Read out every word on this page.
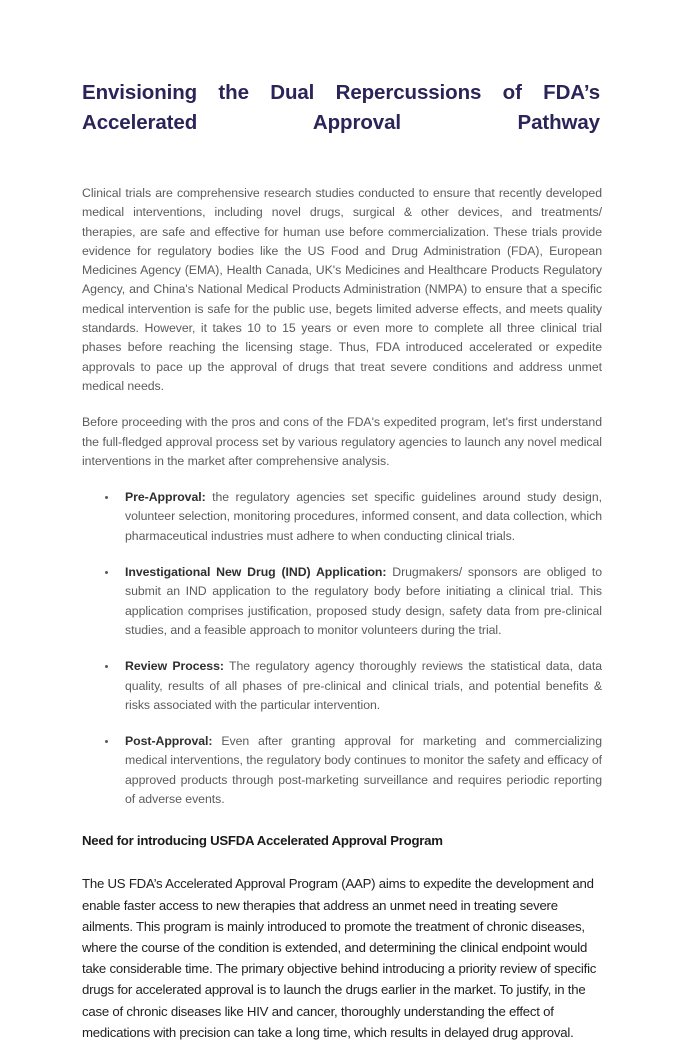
Envisioning the Dual Repercussions of FDA’s Accelerated Approval Pathway

Clinical trials are comprehensive research studies conducted to ensure that recently developed medical interventions, including novel drugs, surgical & other devices, and treatments/ therapies, are safe and effective for human use before commercialization. These trials provide evidence for regulatory bodies like the US Food and Drug Administration (FDA), European Medicines Agency (EMA), Health Canada, UK's Medicines and Healthcare Products Regulatory Agency, and China's National Medical Products Administration (NMPA) to ensure that a specific medical intervention is safe for the public use, begets limited adverse effects, and meets quality standards. However, it takes 10 to 15 years or even more to complete all three clinical trial phases before reaching the licensing stage. Thus, FDA introduced accelerated or expedite approvals to pace up the approval of drugs that treat severe conditions and address unmet medical needs.

Before proceeding with the pros and cons of the FDA's expedited program, let's first understand the full-fledged approval process set by various regulatory agencies to launch any novel medical interventions in the market after comprehensive analysis.

Pre-Approval: the regulatory agencies set specific guidelines around study design, volunteer selection, monitoring procedures, informed consent, and data collection, which pharmaceutical industries must adhere to when conducting clinical trials.
Investigational New Drug (IND) Application: Drugmakers/ sponsors are obliged to submit an IND application to the regulatory body before initiating a clinical trial. This application comprises justification, proposed study design, safety data from pre-clinical studies, and a feasible approach to monitor volunteers during the trial.
Review Process: The regulatory agency thoroughly reviews the statistical data, data quality, results of all phases of pre-clinical and clinical trials, and potential benefits & risks associated with the particular intervention.
Post-Approval: Even after granting approval for marketing and commercializing medical interventions, the regulatory body continues to monitor the safety and efficacy of approved products through post-marketing surveillance and requires periodic reporting of adverse events.
Need for introducing USFDA Accelerated Approval Program

The US FDA’s Accelerated Approval Program (AAP) aims to expedite the development and enable faster access to new therapies that address an unmet need in treating severe ailments. This program is mainly introduced to promote the treatment of chronic diseases, where the course of the condition is extended, and determining the clinical endpoint would take considerable time. The primary objective behind introducing a priority review of specific drugs for accelerated approval is to launch the drugs earlier in the market. To justify, in the case of chronic diseases like HIV and cancer, thoroughly understanding the effect of medications with precision can take a long time, which results in delayed drug approval.
